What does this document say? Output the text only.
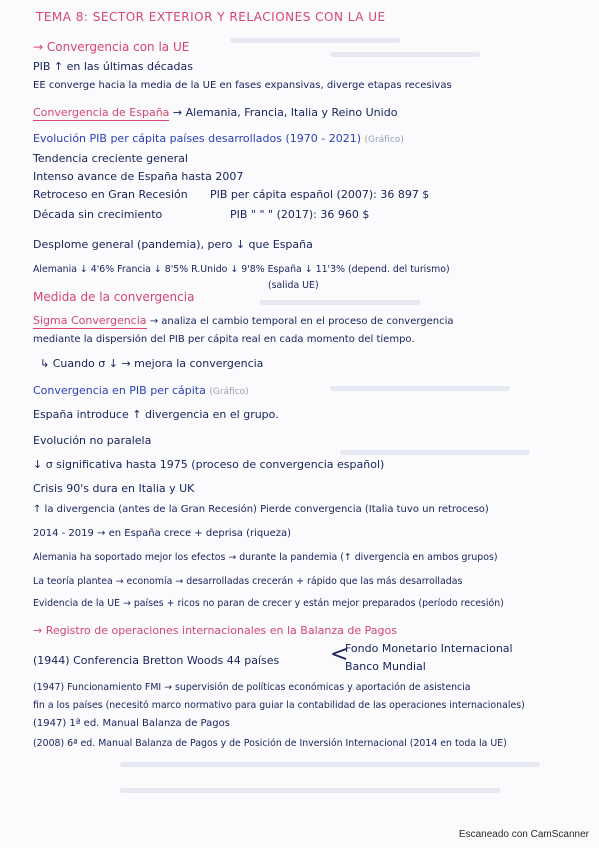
TEMA 8: SECTOR EXTERIOR Y RELACIONES CON LA UE
→ Convergencia con la UE
PIB ↑ en las últimas décadas
EE converge hacia la media de la UE en fases expansivas, diverge etapas recesivas
Convergencia de España → Alemania, Francia, Italia y Reino Unido
Evolución PIB per cápita países desarrollados (1970 - 2021) (Gráfico)
Tendencia creciente general
Intenso avance de España hasta 2007
Retroceso en Gran Recesión PIB per cápita español (2007): 36 897 $
Década sin crecimiento	PIB " " " (2017): 36 960 $
Desplome general (pandemia), pero ↓ que España
Alemania ↓ 4'6% Francia ↓ 8'5% R.Unido ↓ 9'8% España ↓ 11'3% (depend. del turismo)
(salida UE)
Medida de la convergencia
Sigma Convergencia → analiza el cambio temporal en el proceso de convergencia
mediante la dispersión del PIB per cápita real en cada momento del tiempo.
↳ Cuando σ ↓ → mejora la convergencia
Convergencia en PIB per cápita (Gráfico)
España introduce ↑ divergencia en el grupo.
Evolución no paralela
↓ σ significativa hasta 1975 (proceso de convergencia español)
Crisis 90's dura en Italia y UK
↑ la divergencia (antes de la Gran Recesión) Pierde convergencia (Italia tuvo un retroceso)
2014 - 2019 → en España crece + deprisa (riqueza)
Alemania ha soportado mejor los efectos → durante la pandemia (↑ divergencia en ambos grupos)
La teoría plantea → economía → desarrolladas crecerán + rápido que las más desarrolladas
Evidencia de la UE → países + ricos no paran de crecer y están mejor preparados (período recesión)
→ Registro de operaciones internacionales en la Balanza de Pagos
(1944) Conferencia Bretton Woods 44 países <
Fondo Monetario Internacional
Banco Mundial
(1947) Funcionamiento FMI → supervisión de políticas económicas y aportación de asistencia
fin a los países (necesitó marco normativo para guiar la contabilidad de las operaciones internacionales)
(1947) 1ª ed. Manual Balanza de Pagos
(2008) 6ª ed. Manual Balanza de Pagos y de Posición de Inversión Internacional (2014 en toda la UE)
Escaneado con CamScanner
